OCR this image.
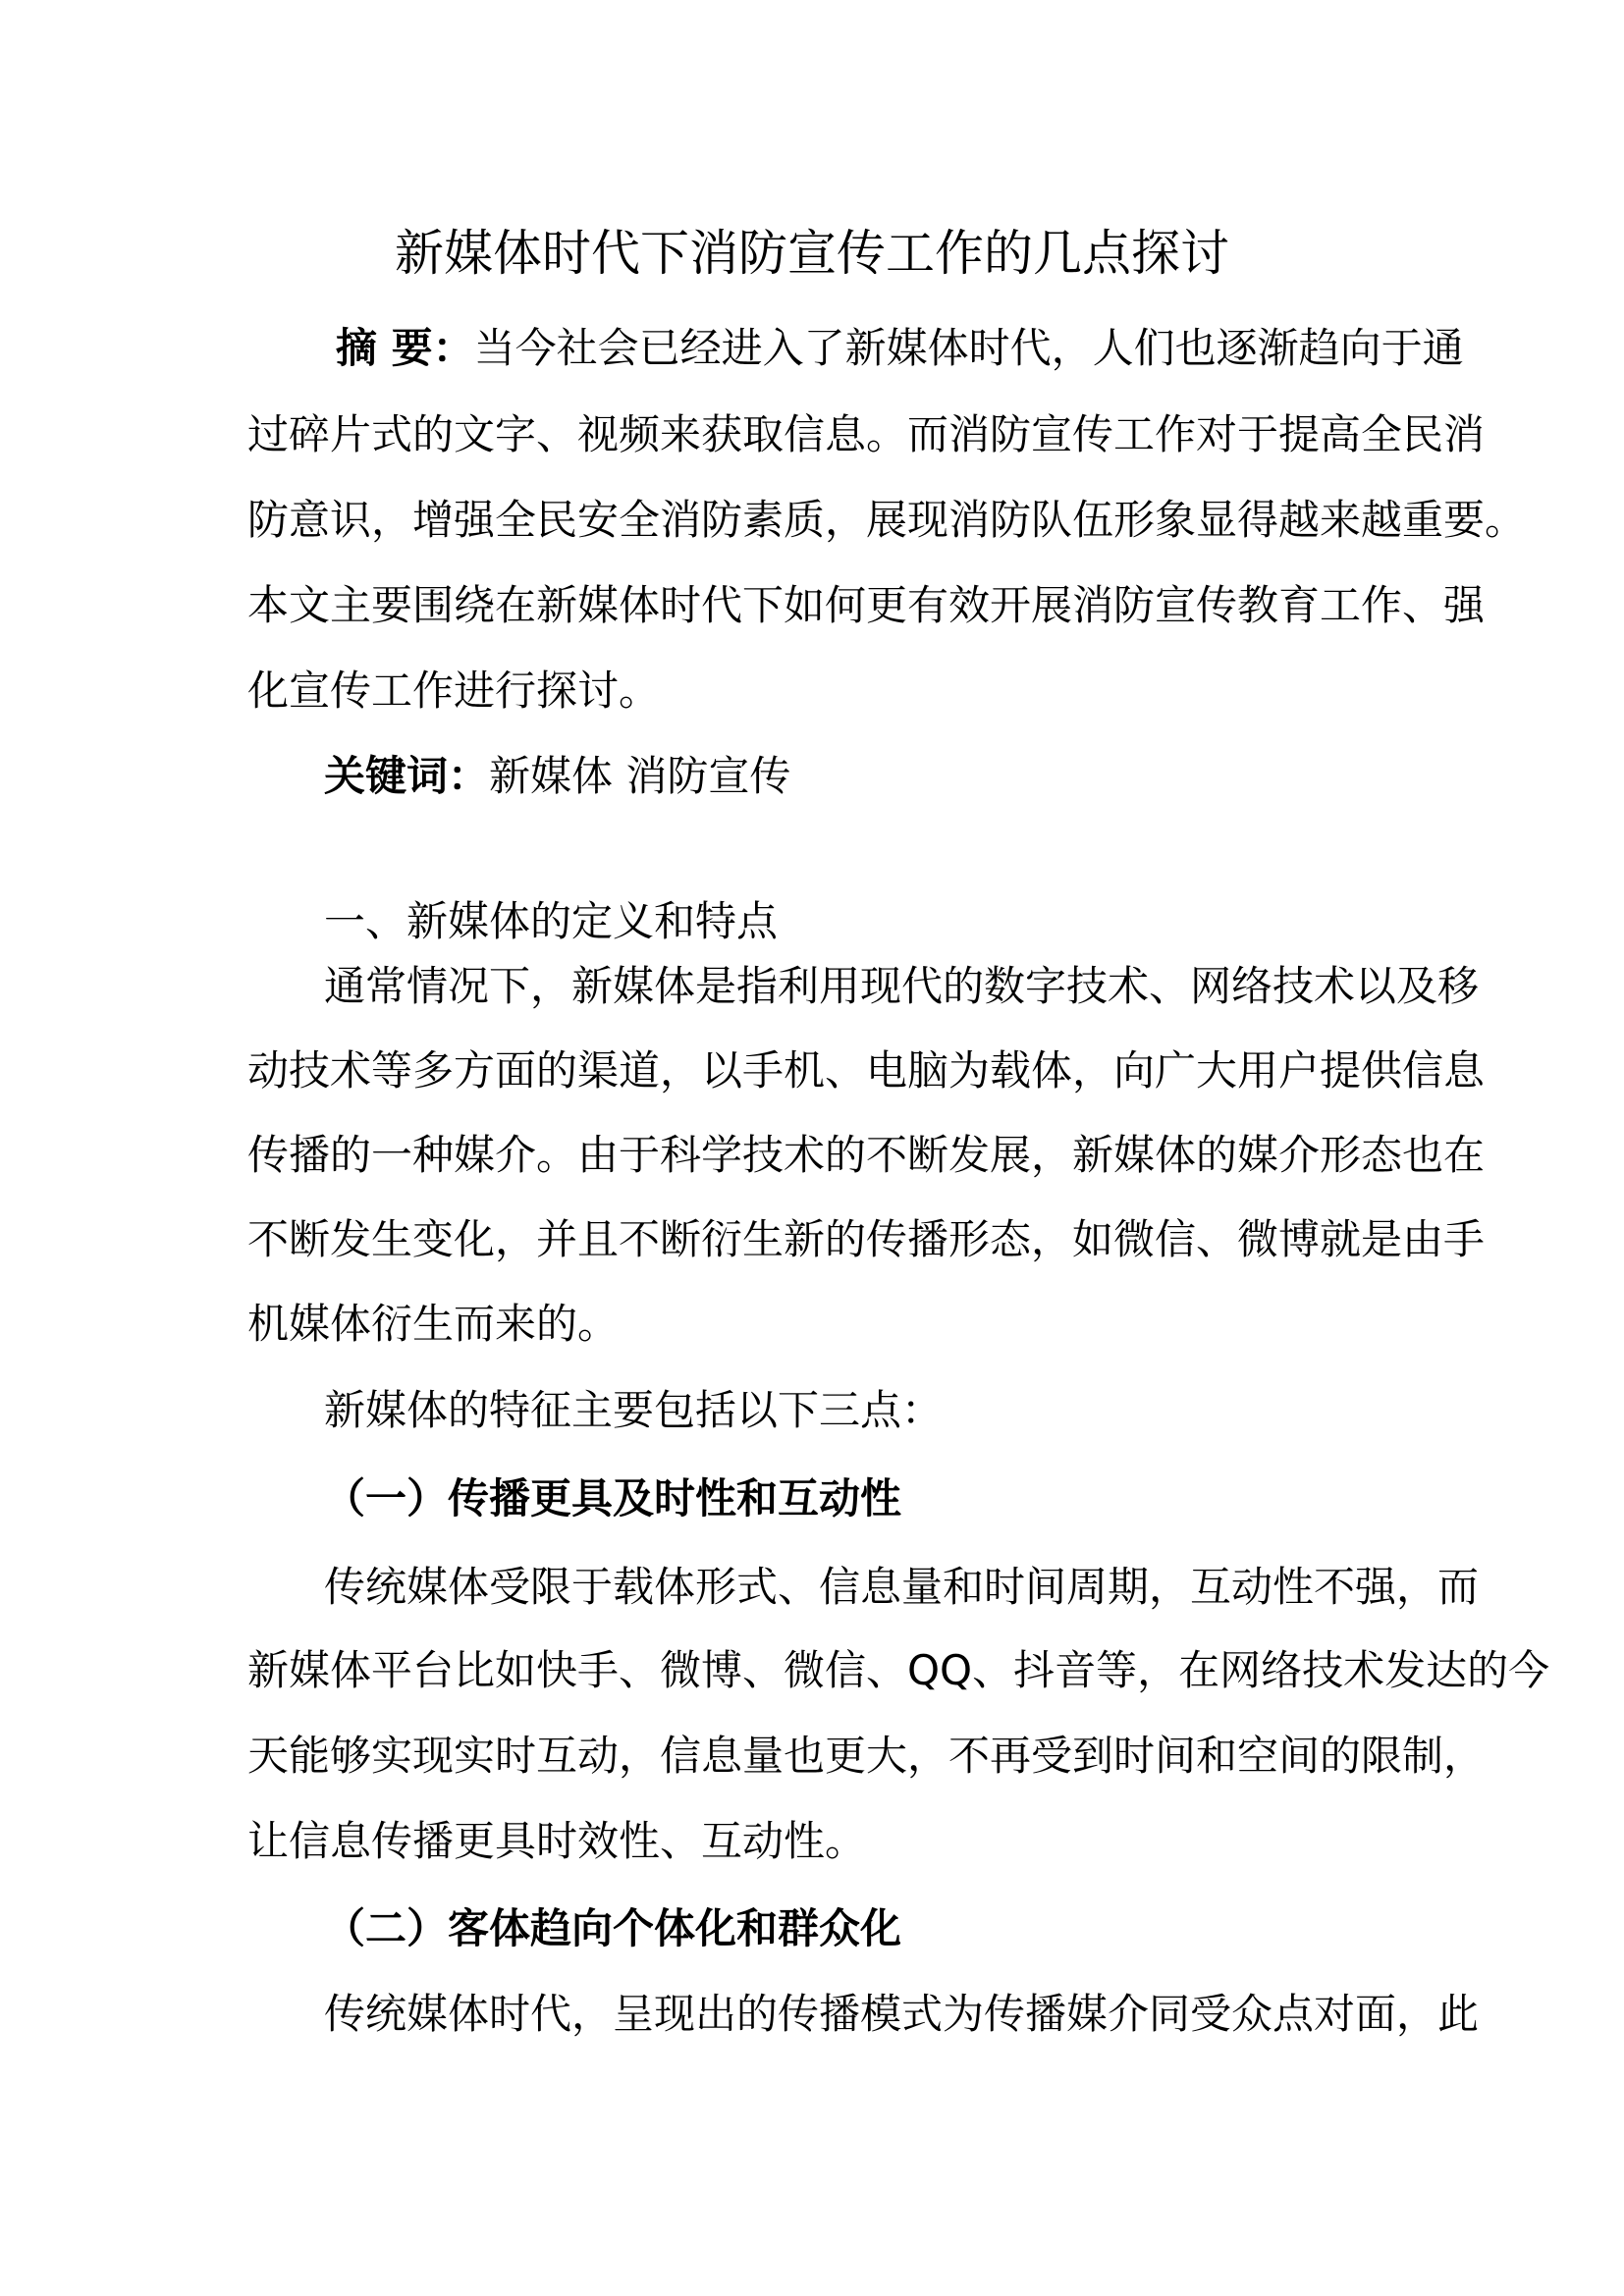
新媒体时代下消防宣传工作的几点探讨
摘 要：当今社会已经进入了新媒体时代，人们也逐渐趋向于通
过碎片式的文字、视频来获取信息。而消防宣传工作对于提高全民消
防意识，增强全民安全消防素质，展现消防队伍形象显得越来越重要。
本文主要围绕在新媒体时代下如何更有效开展消防宣传教育工作、强
化宣传工作进行探讨。
关键词：新媒体 消防宣传
一、新媒体的定义和特点
通常情况下，新媒体是指利用现代的数字技术、网络技术以及移
动技术等多方面的渠道，以手机、电脑为载体，向广大用户提供信息
传播的一种媒介。由于科学技术的不断发展，新媒体的媒介形态也在
不断发生变化，并且不断衍生新的传播形态，如微信、微博就是由手
机媒体衍生而来的。
新媒体的特征主要包括以下三点：
（一）传播更具及时性和互动性
传统媒体受限于载体形式、信息量和时间周期，互动性不强，而
新媒体平台比如快手、微博、微信、QQ、抖音等，在网络技术发达的今
天能够实现实时互动，信息量也更大，不再受到时间和空间的限制，
让信息传播更具时效性、互动性。
（二）客体趋向个体化和群众化
传统媒体时代，呈现出的传播模式为传播媒介同受众点对面，此
